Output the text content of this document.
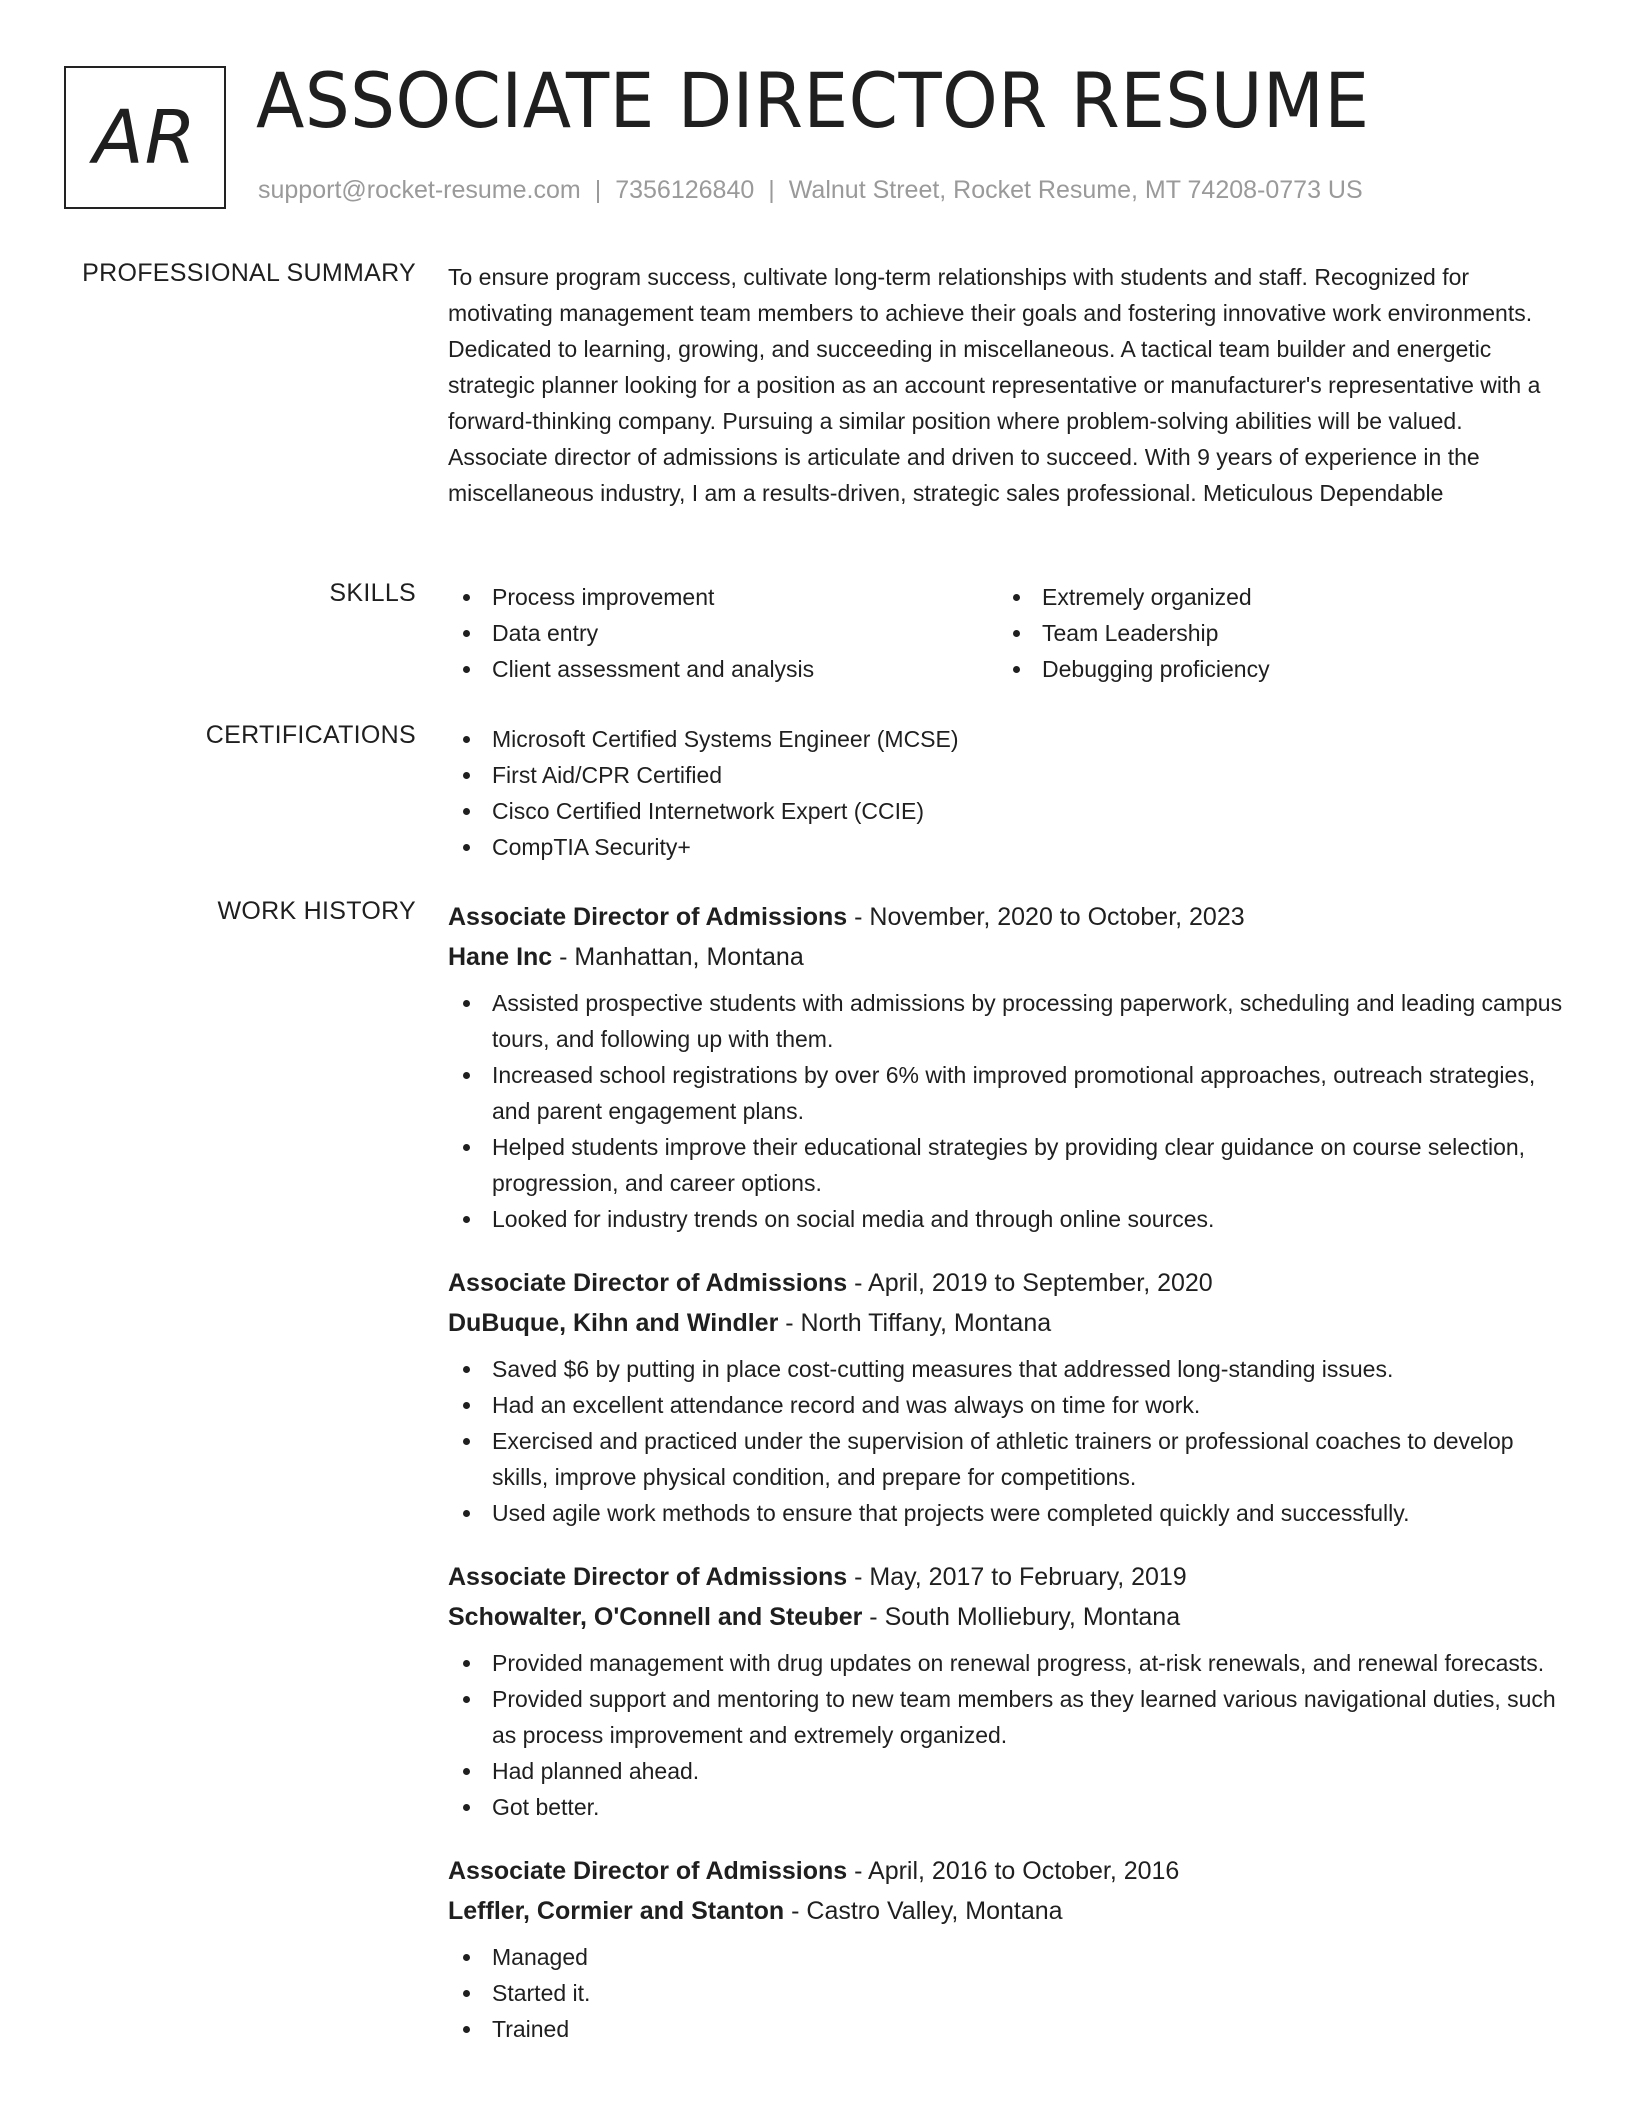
AR ASSOCIATE DIRECTOR RESUME
support@rocket-resume.com | 7356126840 | Walnut Street, Rocket Resume, MT 74208-0773 US
PROFESSIONAL SUMMARY To ensure program success, cultivate long-term relationships with students and staff. Recognized for motivating management team members to achieve their goals and fostering innovative work environments. Dedicated to learning, growing, and succeeding in miscellaneous. A tactical team builder and energetic strategic planner looking for a position as an account representative or manufacturer's representative with a forward-thinking company. Pursuing a similar position where problem-solving abilities will be valued. Associate director of admissions is articulate and driven to succeed. With 9 years of experience in the miscellaneous industry, I am a results-driven, strategic sales professional. Meticulous Dependable
SKILLS	Process improvement
Data entry
Client assessment and analysis
Extremely organized
Team Leadership
Debugging proficiency
CERTIFICATIONS	Microsoft Certified Systems Engineer (MCSE)
First Aid/CPR Certified
Cisco Certified Internetwork Expert (CCIE)
CompTIA Security+
WORK HISTORY Associate Director of Admissions - November, 2020 to October, 2023
Hane Inc - Manhattan, Montana
Assisted prospective students with admissions by processing paperwork, scheduling and leading campus tours, and following up with them.
Increased school registrations by over 6% with improved promotional approaches, outreach strategies, and parent engagement plans.
Helped students improve their educational strategies by providing clear guidance on course selection, progression, and career options.
Looked for industry trends on social media and through online sources.
Associate Director of Admissions - April, 2019 to September, 2020
DuBuque, Kihn and Windler - North Tiffany, Montana
Saved $6 by putting in place cost-cutting measures that addressed long-standing issues.
Had an excellent attendance record and was always on time for work.
Exercised and practiced under the supervision of athletic trainers or professional coaches to develop skills, improve physical condition, and prepare for competitions.
Used agile work methods to ensure that projects were completed quickly and successfully.
Associate Director of Admissions - May, 2017 to February, 2019
Schowalter, O'Connell and Steuber - South Molliebury, Montana
Provided management with drug updates on renewal progress, at-risk renewals, and renewal forecasts.
Provided support and mentoring to new team members as they learned various navigational duties, such as process improvement and extremely organized.
Had planned ahead.
Got better.
Associate Director of Admissions - April, 2016 to October, 2016
Leffler, Cormier and Stanton - Castro Valley, Montana
Managed
Started it.
Trained
